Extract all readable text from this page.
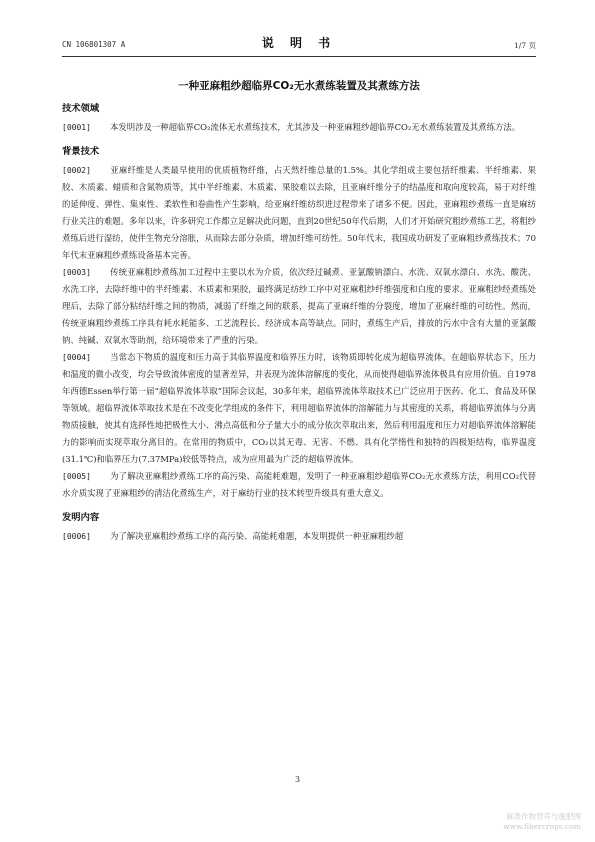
CN 106801307 A	说 明 书	1/7 页
一种亚麻粗纱超临界CO₂无水煮练装置及其煮练方法
技术领域

[0001] 本发明涉及一种超临界CO₂流体无水煮练技术，尤其涉及一种亚麻粗纱超临界CO₂无水煮练装置及其煮练方法。

背景技术

[0002] 亚麻纤维是人类最早使用的优质植物纤维，占天然纤维总量的1.5%。其化学组成主要包括纤维素、半纤维素、果胶、木质素、蜡质和含氮物质等，其中半纤维素、木质素、果胶难以去除，且亚麻纤维分子的结晶度和取向度较高，易于对纤维的延伸度、弹性、集束性、柔软性和卷曲性产生影响，给亚麻纤维纺织进过程带来了诸多不便。因此，亚麻粗纱煮练一直是麻纺行业关注的难题。多年以来，许多研究工作都立足解决此问题，直到20世纪50年代后期，人们才开始研究粗纱煮练工艺，将粗纱煮练后进行湿纺，使伴生物充分溶胀，从而除去部分杂质，增加纤维可纺性。50年代末，我国成功研发了亚麻粗纱煮练技术；70年代末亚麻粗纱煮练设备基本完善。

[0003] 传统亚麻粗纱煮练加工过程中主要以水为介质，依次经过碱煮、亚氯酸钠漂白、水洗、双氧水漂白、水洗、酸洗、水洗工序，去除纤维中的半纤维素、木质素和果胶，最终满足纺纱工序中对亚麻粗纱纤维强度和白度的要求。亚麻粗纱经煮练处理后，去除了部分粘结纤维之间的物质，减弱了纤维之间的联系，提高了亚麻纤维的分裂度，增加了亚麻纤维的可纺性。然而，传统亚麻粗纱煮练工序具有耗水耗能多、工艺流程长、经济成本高等缺点。同时，煮练生产后，排放的污水中含有大量的亚氯酸钠、纯碱、双氧水等助剂，给环境带来了严重的污染。

[0004] 当常态下物质的温度和压力高于其临界温度和临界压力时，该物质即转化成为超临界流体。在超临界状态下，压力和温度的微小改变，均会导致流体密度的显著差异，并表现为流体溶解度的变化，从而使得超临界流体极具有应用价值。自1978年西德Essen举行第一届“超临界流体萃取”国际会议起，30多年来，超临界流体萃取技术已广泛应用于医药、化工、食品及环保等领域。超临界流体萃取技术是在不改变化学组成的条件下，利用超临界流体的溶解能力与其密度的关系，将超临界流体与分离物质接触，使其有选择性地把极性大小、沸点高低和分子量大小的成分依次萃取出来，然后利用温度和压力对超临界流体溶解能力的影响而实现萃取分离目的。在常用的物质中，CO₂以其无毒、无害、不燃、具有化学惰性和独特的四极矩结构，临界温度(31.1℃)和临界压力(7.37MPa)较低等特点，成为应用最为广泛的超临界流体。

[0005] 为了解决亚麻粗纱煮练工序的高污染、高能耗难题，发明了一种亚麻粗纱超临界CO₂无水煮练方法，利用CO₂代替水介质实现了亚麻粗纱的清洁化煮练生产，对于麻纺行业的技术转型升级具有重大意义。

发明内容

[0006] 为了解决亚麻粗纱煮练工序的高污染、高能耗难题，本发明提供一种亚麻粗纱超

3
麻类作物营养与施肥网
www.fibercrops.com
